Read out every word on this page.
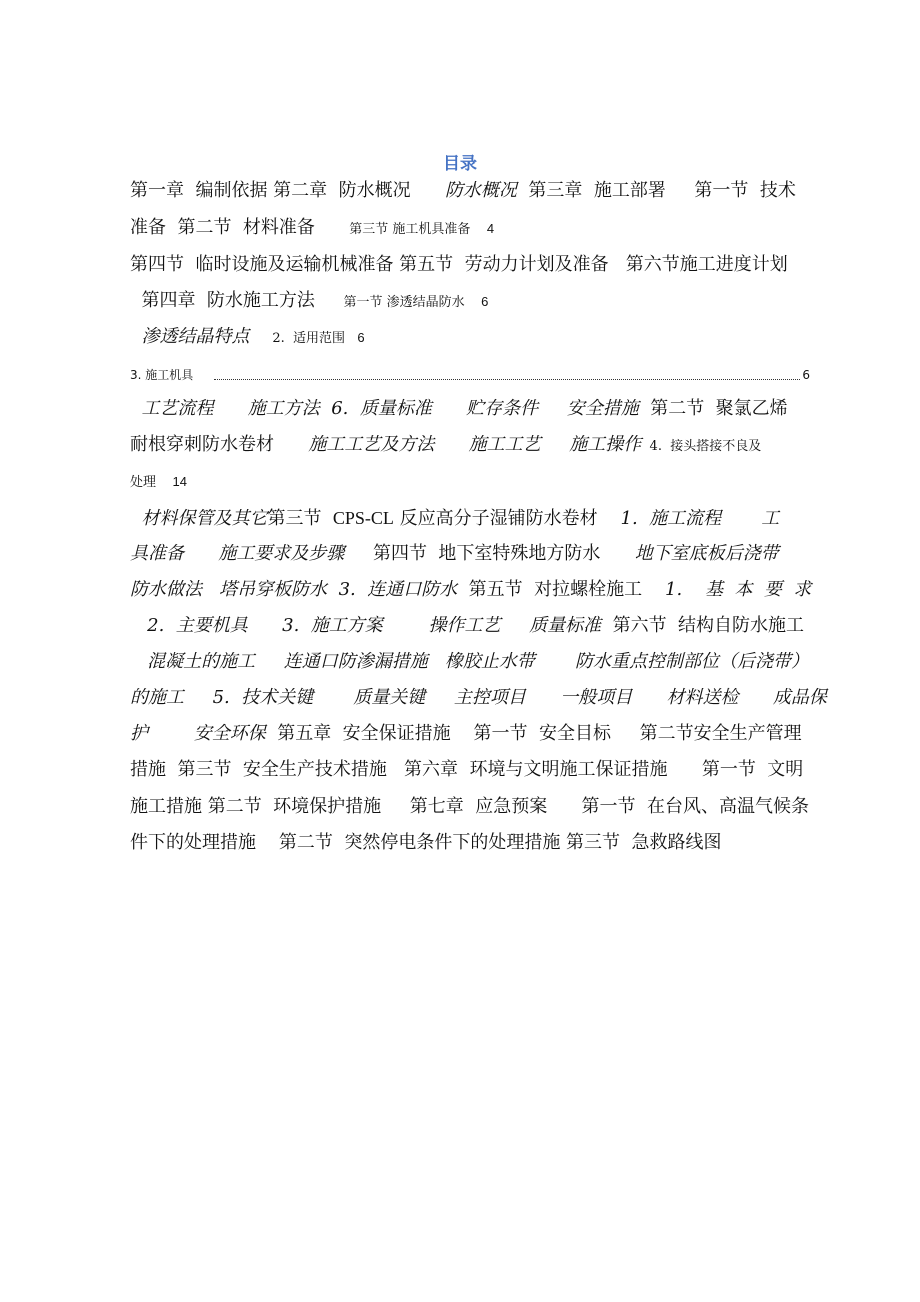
目录
第一章  编制依据 第二章  防水概况      防水概况  第三章  施工部署     第一节  技术
准备  第二节  材料准备      第三节 施工机具准备    4
第四节  临时设施及运输机械准备 第五节  劳动力计划及准备   第六节施工进度计划
第四章  防水施工方法     第一节 渗透结晶防水    6
渗透结晶特点 2.  适用范围   6
工艺流程      施工方法  6.  质量标准      贮存条件     安全措施  第二节  聚氯乙烯
耐根穿刺防水卷材      施工工艺及方法      施工工艺     施工操作  4.  接头搭接不良及
处理    14
材料保管及其它第三节  CPS-CL 反应高分子湿铺防水卷材    1.  施工流程       工
具准备      施工要求及步骤     第四节  地下室特殊地方防水      地下室底板后浇带
防水做法   塔吊穿板防水  3.  连通口防水  第五节  对拉螺栓施工    1.    基  本  要  求
2.  主要机具      3.  施工方案        操作工艺     质量标准  第六节  结构自防水施工
混凝土的施工     连通口防渗漏措施   橡胶止水带       防水重点控制部位（后浇带）
的施工     5.  技术关键       质量关键     主控项目      一般项目      材料送检      成品保
护        安全环保  第五章  安全保证措施    第一节  安全目标     第二节安全生产管理
措施  第三节  安全生产技术措施   第六章  环境与文明施工保证措施      第一节  文明
施工措施 第二节  环境保护措施     第七章  应急预案      第一节  在台风、高温气候条
件下的处理措施    第二节  突然停电条件下的处理措施 第三节  急救路线图
3. 施工机具	6
